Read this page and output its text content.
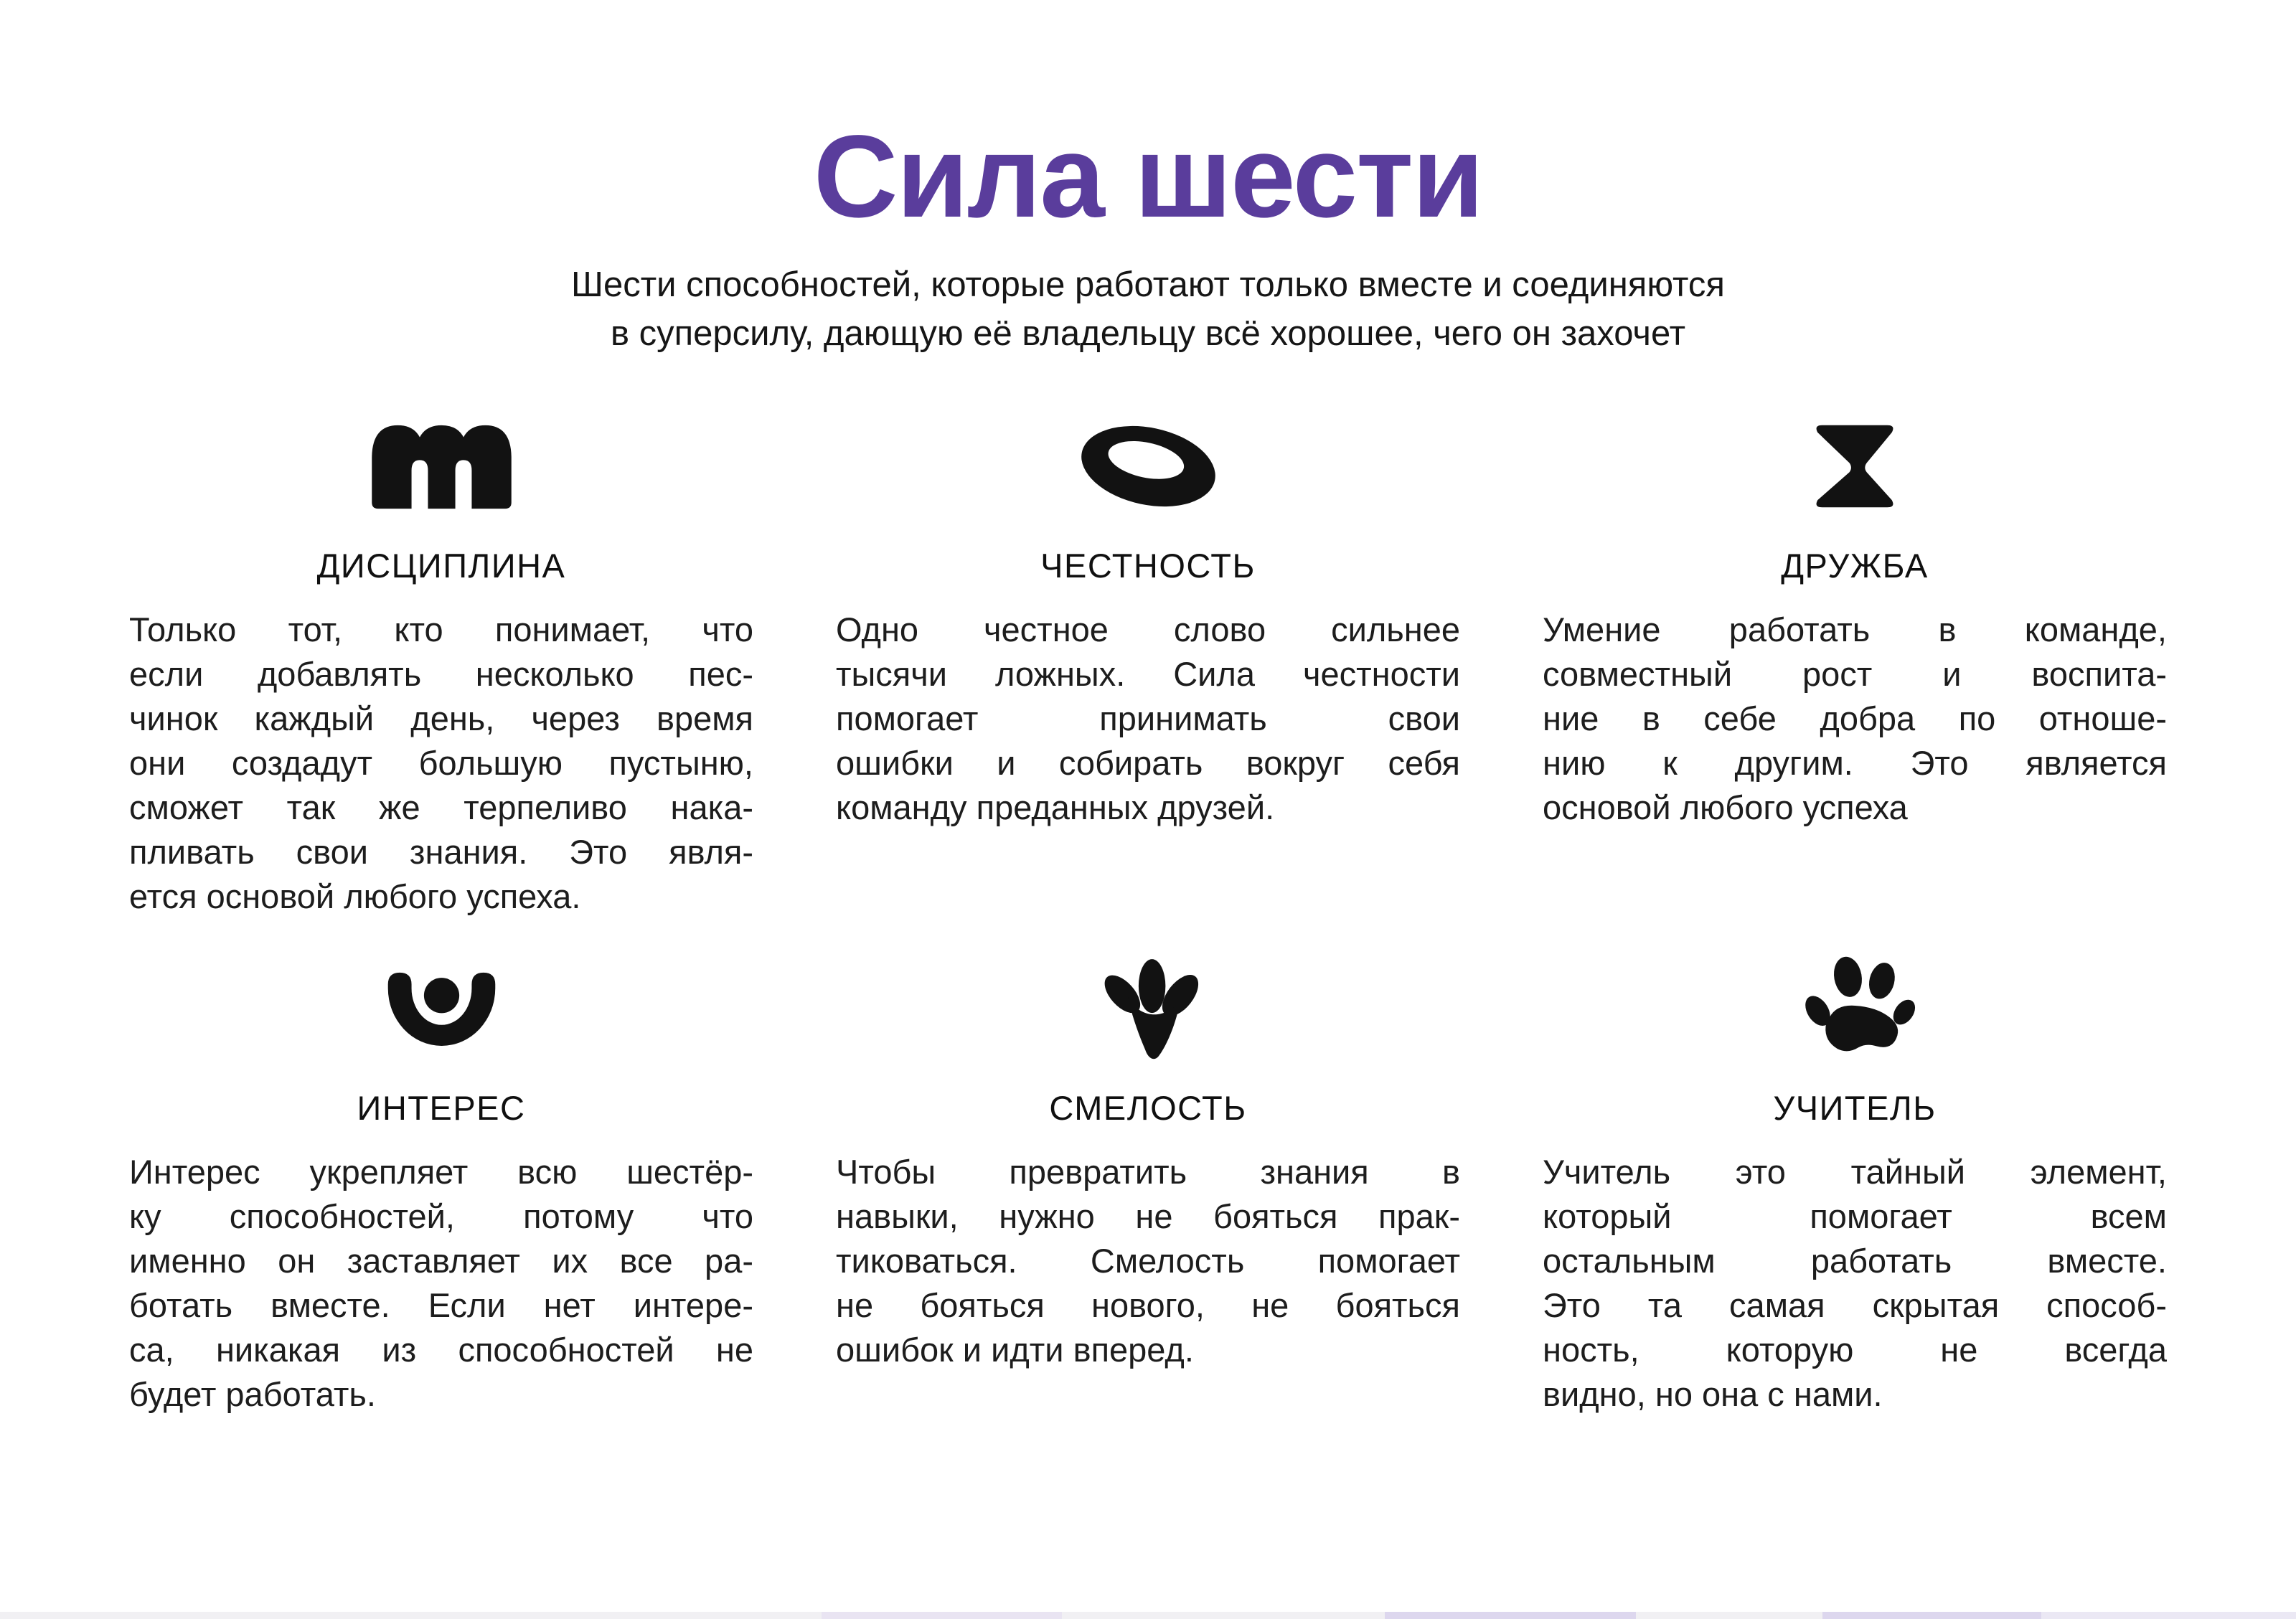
Сила шести

Шести способностей, которые работают только вместе и соединяются
в суперсилу, дающую её владельцу всё хорошее, чего он захочет

ДИСЦИПЛИНА
Только тот, кто понимает, что
если добавлять несколько пес-
чинок каждый день, через время
они создадут большую пустыню,
сможет так же терпеливо нака-
пливать свои знания. Это явля-
ется основой любого успеха.
ЧЕСТНОСТЬ
Одно честное слово сильнее
тысячи ложных. Сила честности
помогает принимать свои
ошибки и собирать вокруг себя
команду преданных друзей.
ДРУЖБА
Умение работать в команде,
совместный рост и воспита-
ние в себе добра по отноше-
нию к другим. Это является
основой любого успеха
ИНТЕРЕС
Интерес укрепляет всю шестёр-
ку способностей, потому что
именно он заставляет их все ра-
ботать вместе. Если нет интере-
са, никакая из способностей не
будет работать.
СМЕЛОСТЬ
Чтобы превратить знания в
навыки, нужно не бояться прак-
тиковаться. Смелость помогает
не бояться нового, не бояться
ошибок и идти вперед.
УЧИТЕЛЬ
Учитель это тайный элемент,
который помогает всем
остальным работать вместе.
Это та самая скрытая способ-
ность, которую не всегда
видно, но она с нами.
